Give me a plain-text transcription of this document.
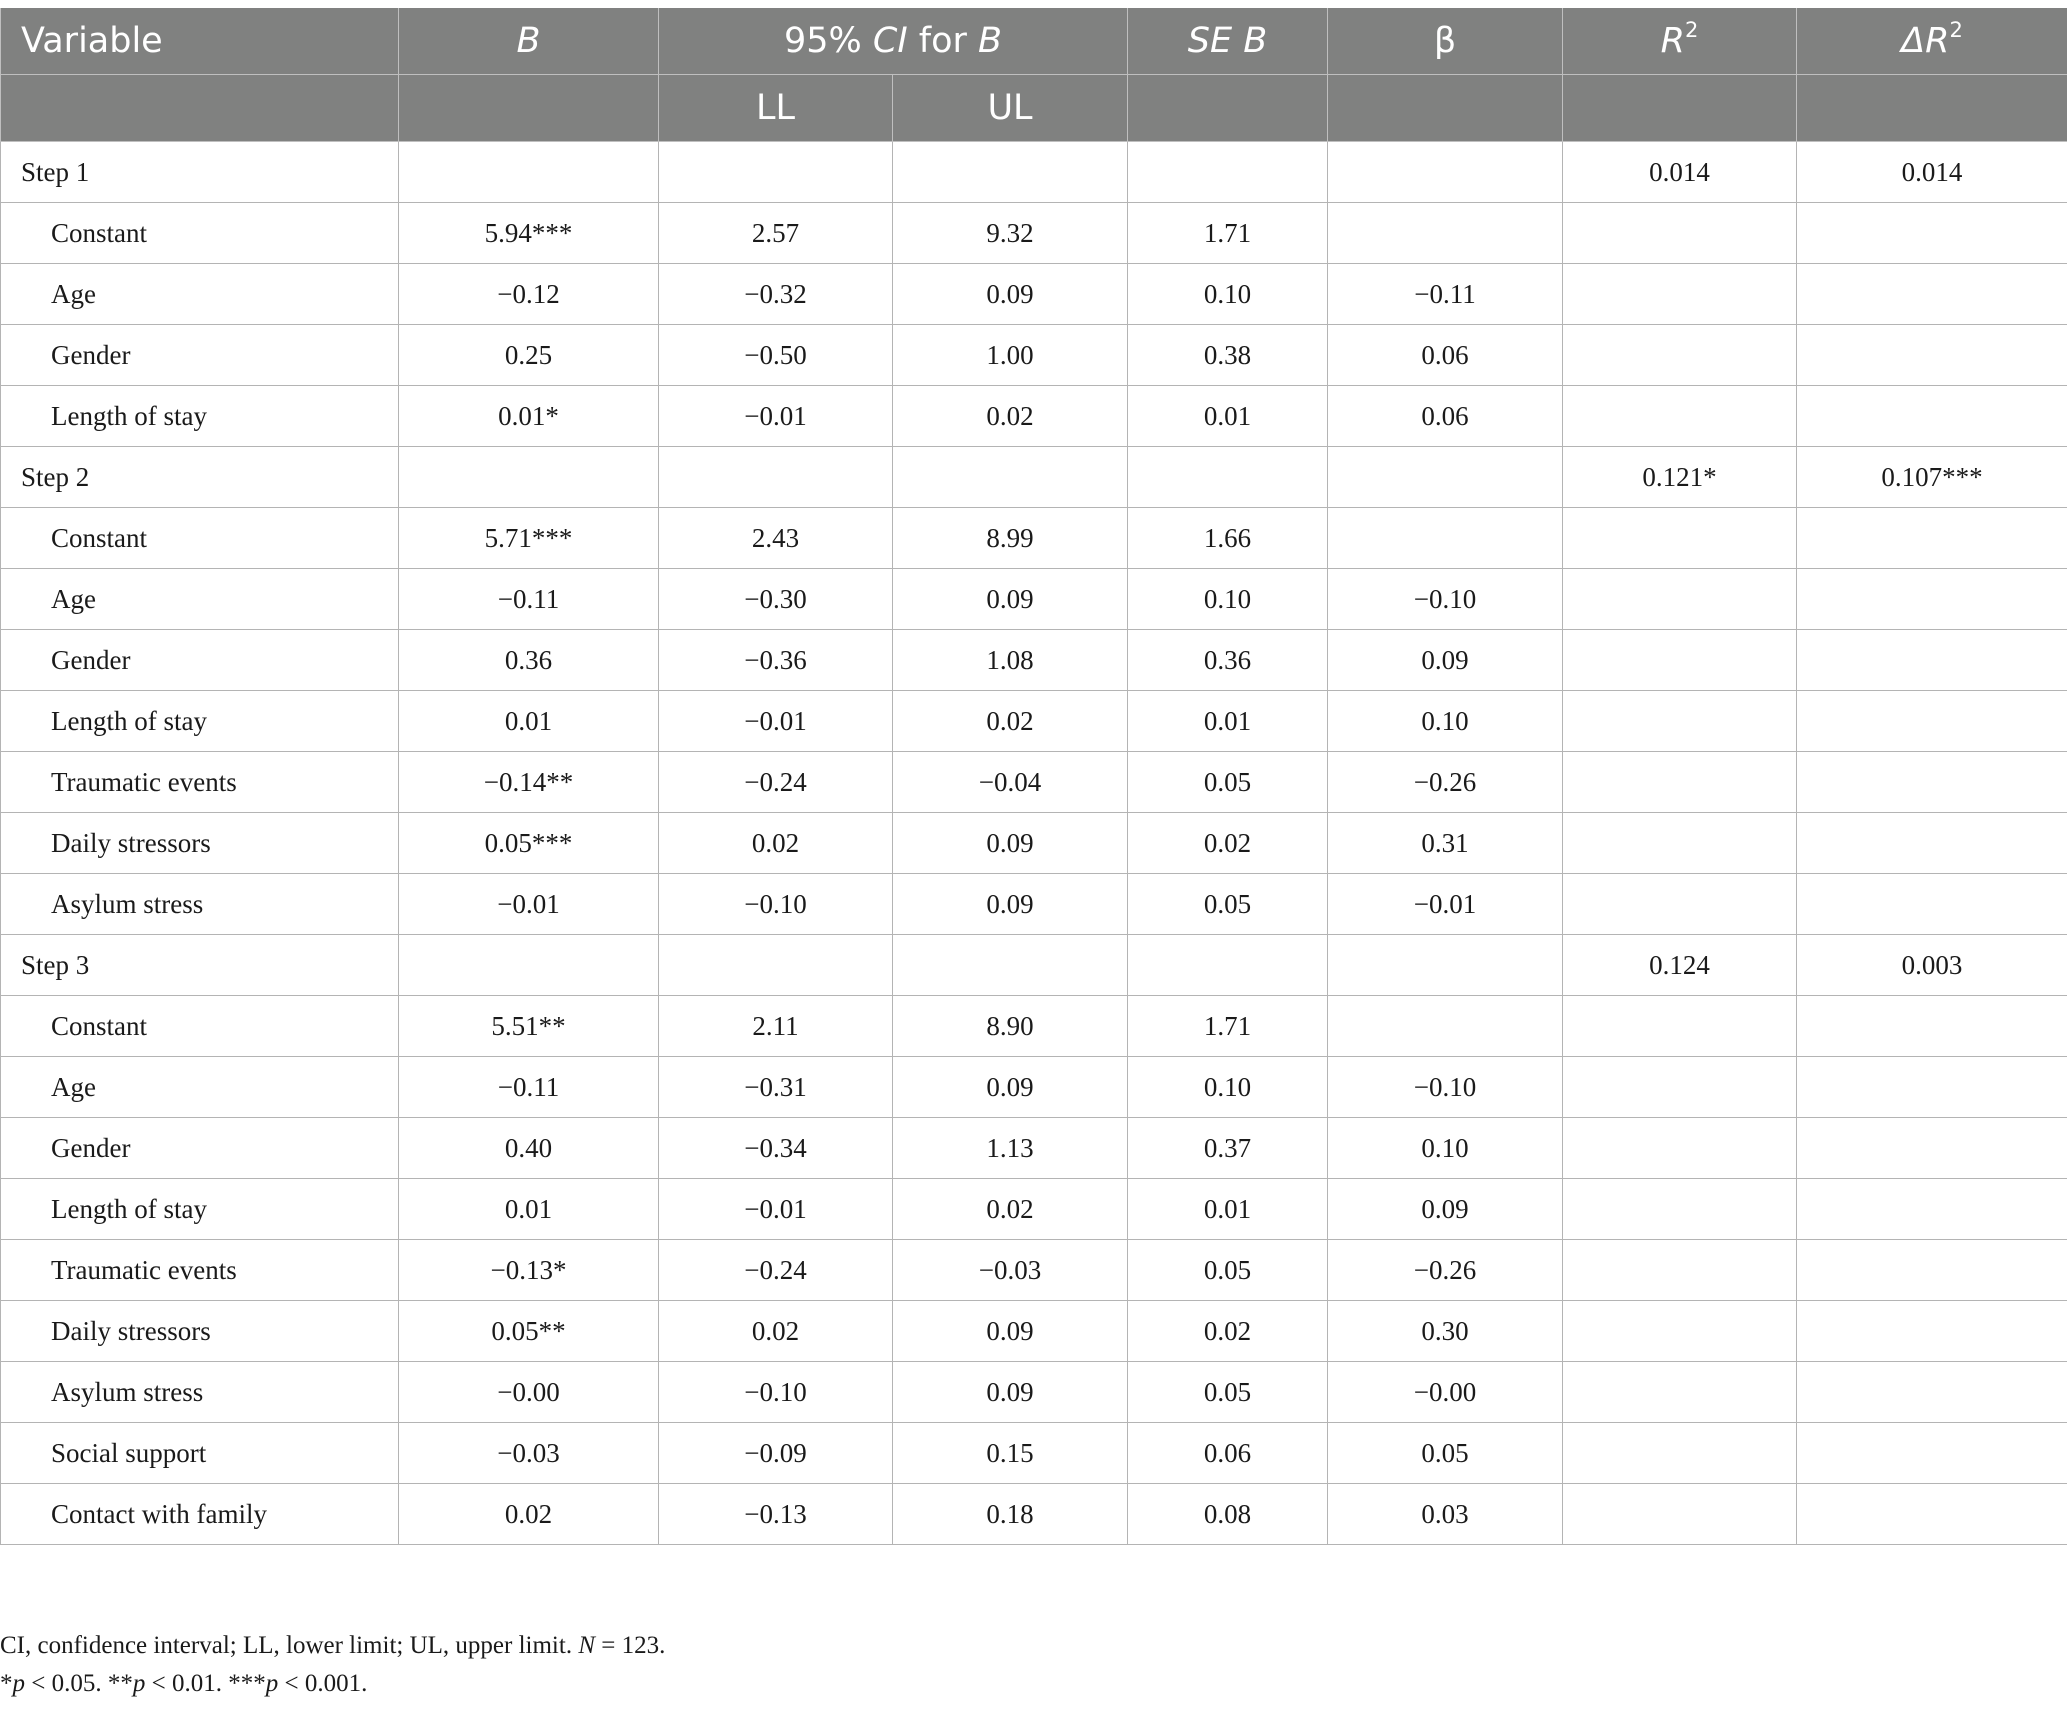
Variable	B	95% CI for B		SE B	β	$R^2$	$\Delta R^2$
		LL	UL				
Step 1						0.014	0.014
Constant	5.94***	2.57	9.32	1.71			
Age	−0.12	−0.32	0.09	0.10	−0.11		
Gender	0.25	−0.50	1.00	0.38	0.06		
Length of stay	0.01*	−0.01	0.02	0.01	0.06		
Step 2						0.121*	0.107***
Constant	5.71***	2.43	8.99	1.66			
Age	−0.11	−0.30	0.09	0.10	−0.10		
Gender	0.36	−0.36	1.08	0.36	0.09		
Length of stay	0.01	−0.01	0.02	0.01	0.10		
Traumatic events	−0.14**	−0.24	−0.04	0.05	−0.26		
Daily stressors	0.05***	0.02	0.09	0.02	0.31		
Asylum stress	−0.01	−0.10	0.09	0.05	−0.01		
Step 3						0.124	0.003
Constant	5.51**	2.11	8.90	1.71			
Age	−0.11	−0.31	0.09	0.10	−0.10		
Gender	0.40	−0.34	1.13	0.37	0.10		
Length of stay	0.01	−0.01	0.02	0.01	0.09		
Traumatic events	−0.13*	−0.24	−0.03	0.05	−0.26		
Daily stressors	0.05**	0.02	0.09	0.02	0.30		
Asylum stress	−0.00	−0.10	0.09	0.05	−0.00		
Social support	−0.03	−0.09	0.15	0.06	0.05		
Contact with family	0.02	−0.13	0.18	0.08	0.03		
CI, confidence interval; LL, lower limit; UL, upper limit. N = 123.
*p < 0.05. **p < 0.01. ***p < 0.001.
